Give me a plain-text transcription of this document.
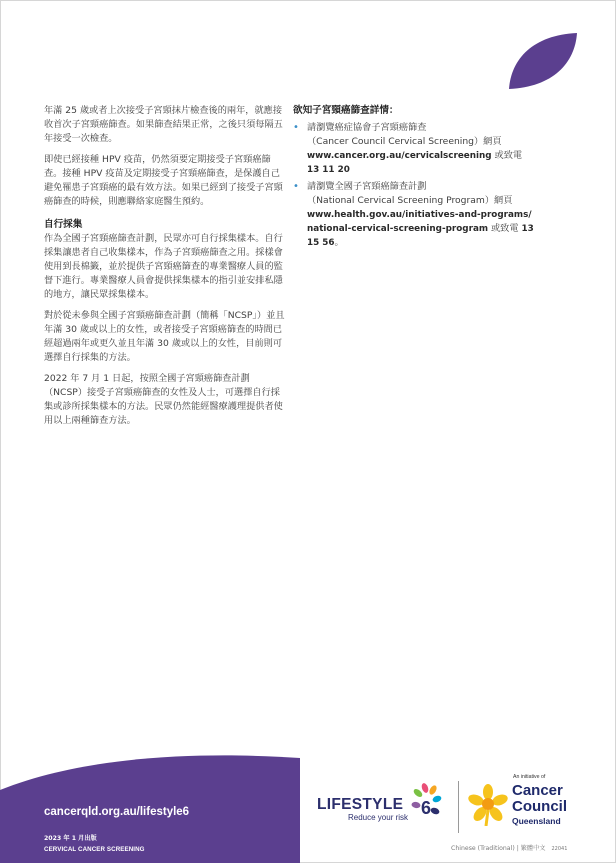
年滿 25 歲或者上次接受子宮頸抹片檢查後的兩年，就應接收首次子宮頸癌篩查。如果篩查結果正常，之後只須每隔五年接受一次檢查。

即使已經接種 HPV 疫苗，仍然須要定期接受子宮頸癌篩查。接種 HPV 疫苗及定期接受子宮頸癌篩查，是保護自己避免罹患子宮頸癌的最有效方法。如果已經到了接受子宮頸癌篩查的時候，則應聯絡家庭醫生預約。

自行採集

作為全國子宮頸癌篩查計劃，民眾亦可自行採集樣本。自行採集讓患者自己收集樣本，作為子宮頸癌篩查之用。採樣會使用到長棉籤，並於提供子宮頸癌篩查的專業醫療人員的監督下進行。專業醫療人員會提供採集樣本的指引並安排私隱的地方，讓民眾採集樣本。

對於從未參與全國子宮頸癌篩查計劃（簡稱「NCSP」）並且年滿 30 歲或以上的女性，或者接受子宮頸癌篩查的時間已經超過兩年或更久並且年滿 30 歲或以上的女性，目前則可選擇自行採集的方法。

2022 年 7 月 1 日起，按照全國子宮頸癌篩查計劃（NCSP）接受子宮頸癌篩查的女性及人士，可選擇自行採集或診所採集樣本的方法。民眾仍然能經醫療護理提供者使用以上兩種篩查方法。

欲知子宮頸癌篩查詳情：
• 請瀏覽癌症協會子宮頸癌篩查
（Cancer Council Cervical Screening）網頁
www.cancer.org.au/cervicalscreening 或致電
13 11 20
• 請瀏覽全國子宮頸癌篩查計劃
（National Cervical Screening Program）網頁
www.health.gov.au/initiatives-and-programs/
national-cervical-screening-program 或致電 13 15 56。
cancerqld.org.au/lifestyle6
2023 年 1 月出版
CERVICAL CANCER SCREENING
LIFESTYLE
Reduce your risk 6
An initiative of
Cancer
Council
Queensland
Chinese (Traditional) | 繁體中文 22041
